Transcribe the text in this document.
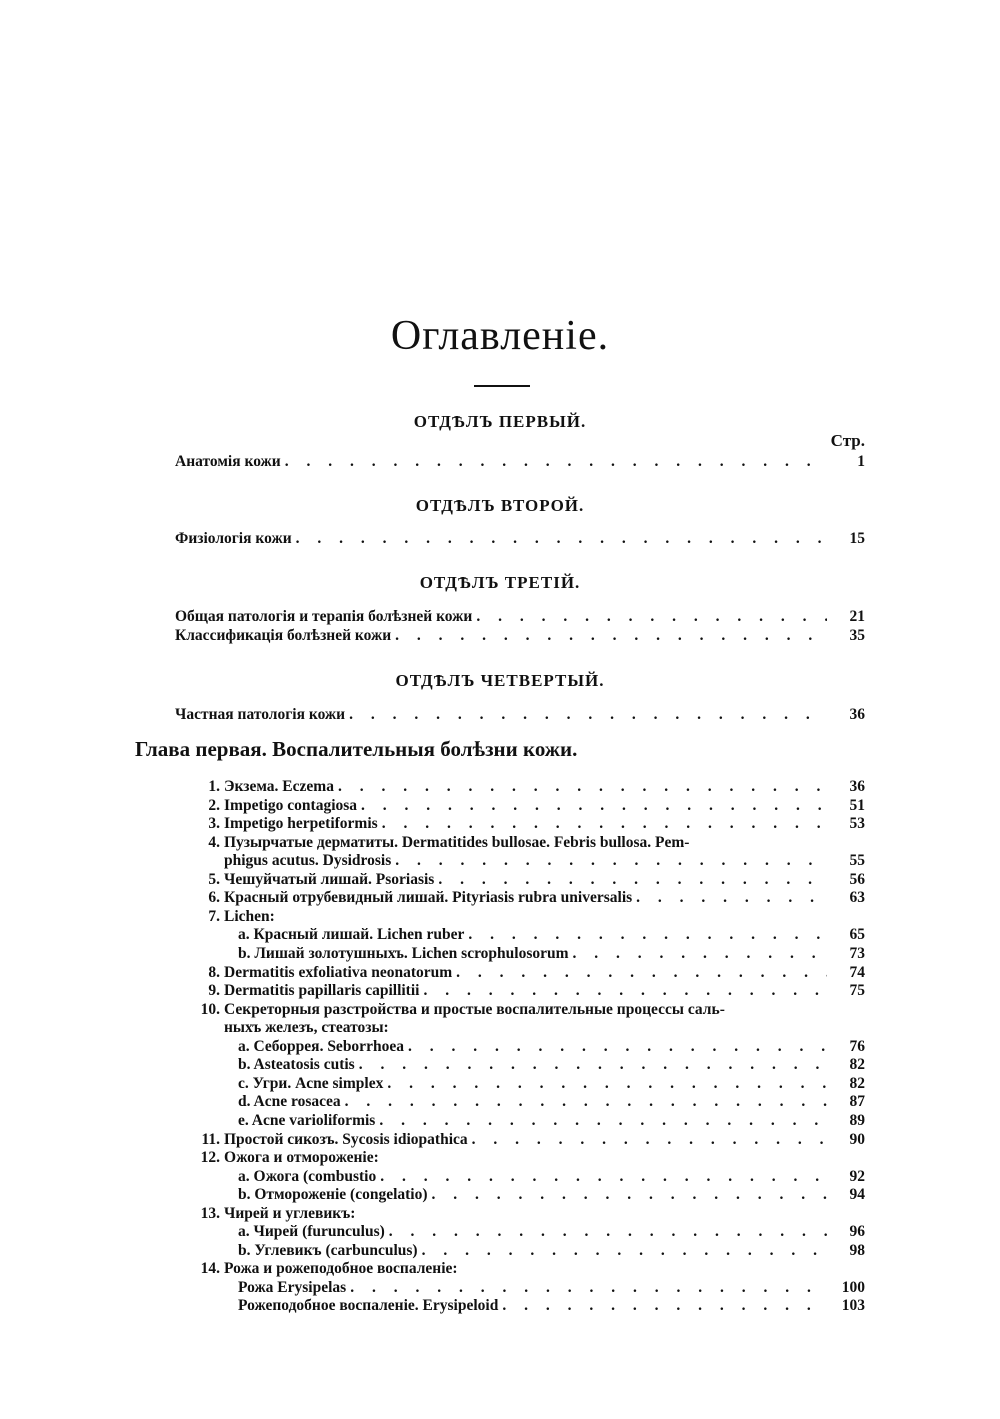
Оглавленіе.
ОТДѢЛЪ ПЕРВЫЙ.
Стр.
Анатомія кожи . . .	1
ОТДѢЛЪ ВТОРОЙ.
Физіологія кожи . . .	15
ОТДѢЛЪ ТРЕТІЙ.
Общая патологія и терапія болѣзней кожи . . .	21
Классификація болѣзней кожи . . .	35
ОТДѢЛЪ ЧЕТВЕРТЫЙ.
Частная патологія кожи . . .	36
Глава первая. Воспалительныя болѣзни кожи.
1. Экзема. Eczema . . .	36
2. Impetigo contagiosa . . .	51
3. Impetigo herpetiformis . . .	53
4. Пузырчатые дерматиты. Dermatitides bullosae. Febris bullosa. Pem-
phigus acutus. Dysidrosis . . .	55
5. Чешуйчатый лишай. Psoriasis . . .	56
6. Красный отрубевидный лишай. Pityriasis rubra universalis . . .	63
7. Lichen:
a. Красный лишай. Lichen ruber . . .	65
b. Лишай золотушныхъ. Lichen scrophulosorum . . .	73
8. Dermatitis exfoliativa neonatorum . . .	74
9. Dermatitis papillaris capillitii . . .	75
10. Секреторныя разстройства и простые воспалительные процессы саль-
ныхъ железъ, стеатозы:
a. Себоррея. Seborrhoea . . .	76
b. Asteatosis cutis . . .	82
c. Угри. Acne simplex . . .	82
d. Acne rosacea . . .	87
e. Acne varioliformis . . .	89
11. Простой сикозъ. Sycosis idiopathica . . .	90
12. Ожога и отмороженіе:
a. Ожога (combustio . . .	92
b. Отмороженіе (congelatio) . . .	94
13. Чирей и углевикъ:
a. Чирей (furunculus) . . .	96
b. Углевикъ (carbunculus) . . .	98
14. Рожа и рожеподобное воспаленіе:
Рожа Erysipelas . . .	100
Рожеподобное воспаленіе. Erysipeloid . . .	103
